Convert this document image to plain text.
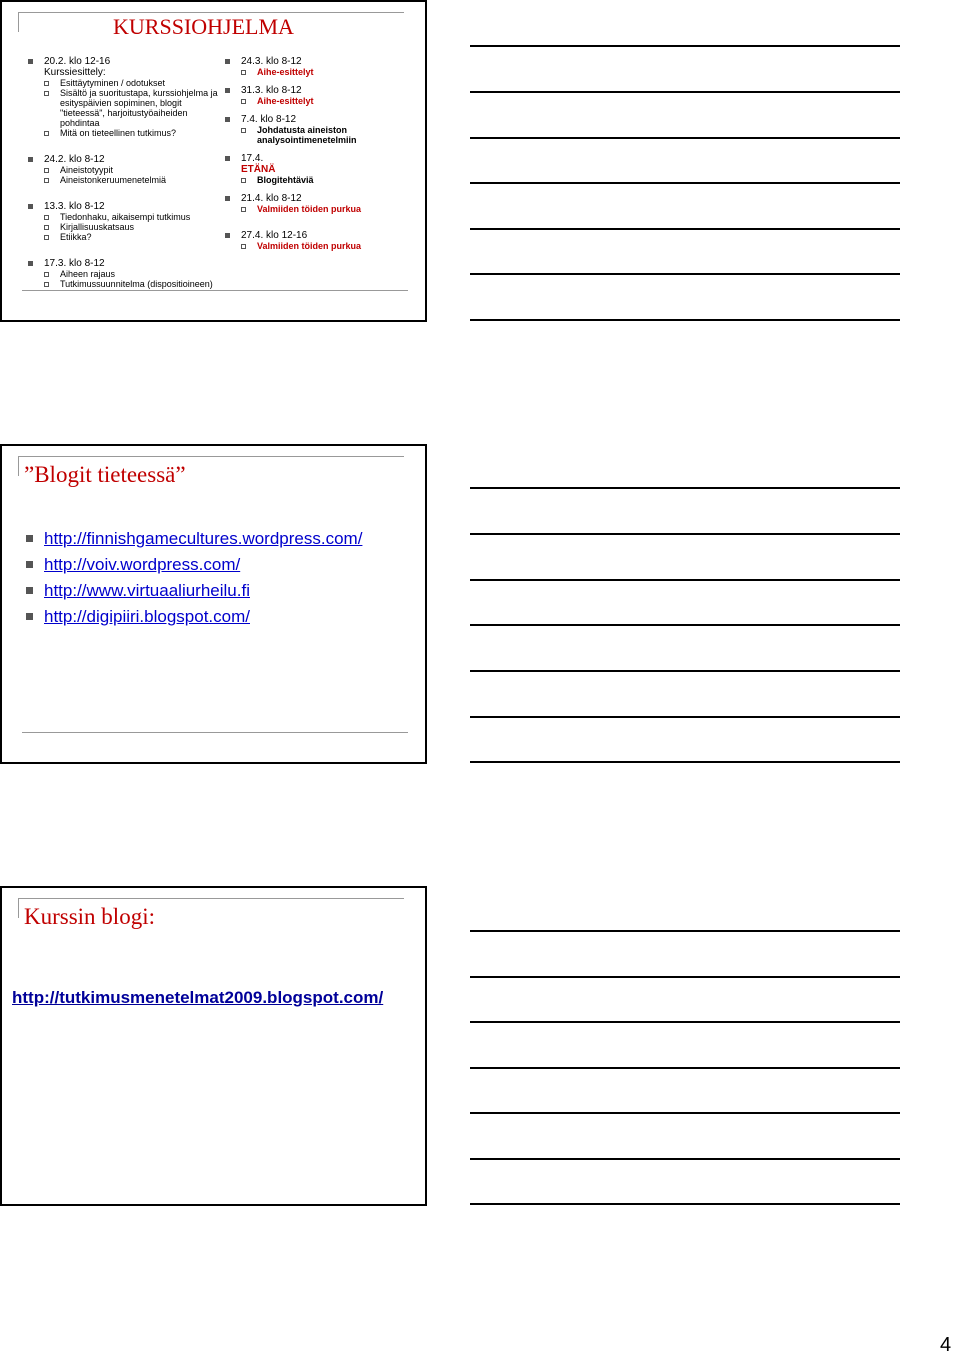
KURSSIOHJELMA
20.2. klo 12-16
Kurssiesittely:
Esittäytyminen / odotukset
Sisältö ja suoritustapa, kurssiohjelma ja esityspäivien sopiminen, blogit "tieteessä", harjoitustyöaiheiden pohdintaa
Mitä on tieteellinen tutkimus?
24.2. klo 8-12
Aineistotyypit
Aineistonkeruumenetelmiä
13.3. klo 8-12
Tiedonhaku, aikaisempi tutkimus
Kirjallisuuskatsaus
Etiikka?
17.3. klo 8-12
Aiheen rajaus
Tutkimussuunnitelma (dispositioineen)
24.3. klo 8-12
Aihe-esittelyt
31.3. klo 8-12
Aihe-esittelyt
7.4. klo 8-12
Johdatusta aineiston analysointimenetelmiin
17.4.
ETÄNÄ
Blogitehtäviä
21.4. klo 8-12
Valmiiden töiden purkua
27.4. klo 12-16
Valmiiden töiden purkua
”Blogit tieteessä”
http://finnishgamecultures.wordpress.com/
http://voiv.wordpress.com/
http://www.virtuaaliurheilu.fi
http://digipiiri.blogspot.com/
Kurssin blogi:
http://tutkimusmenetelmat2009.blogspot.com/
4
